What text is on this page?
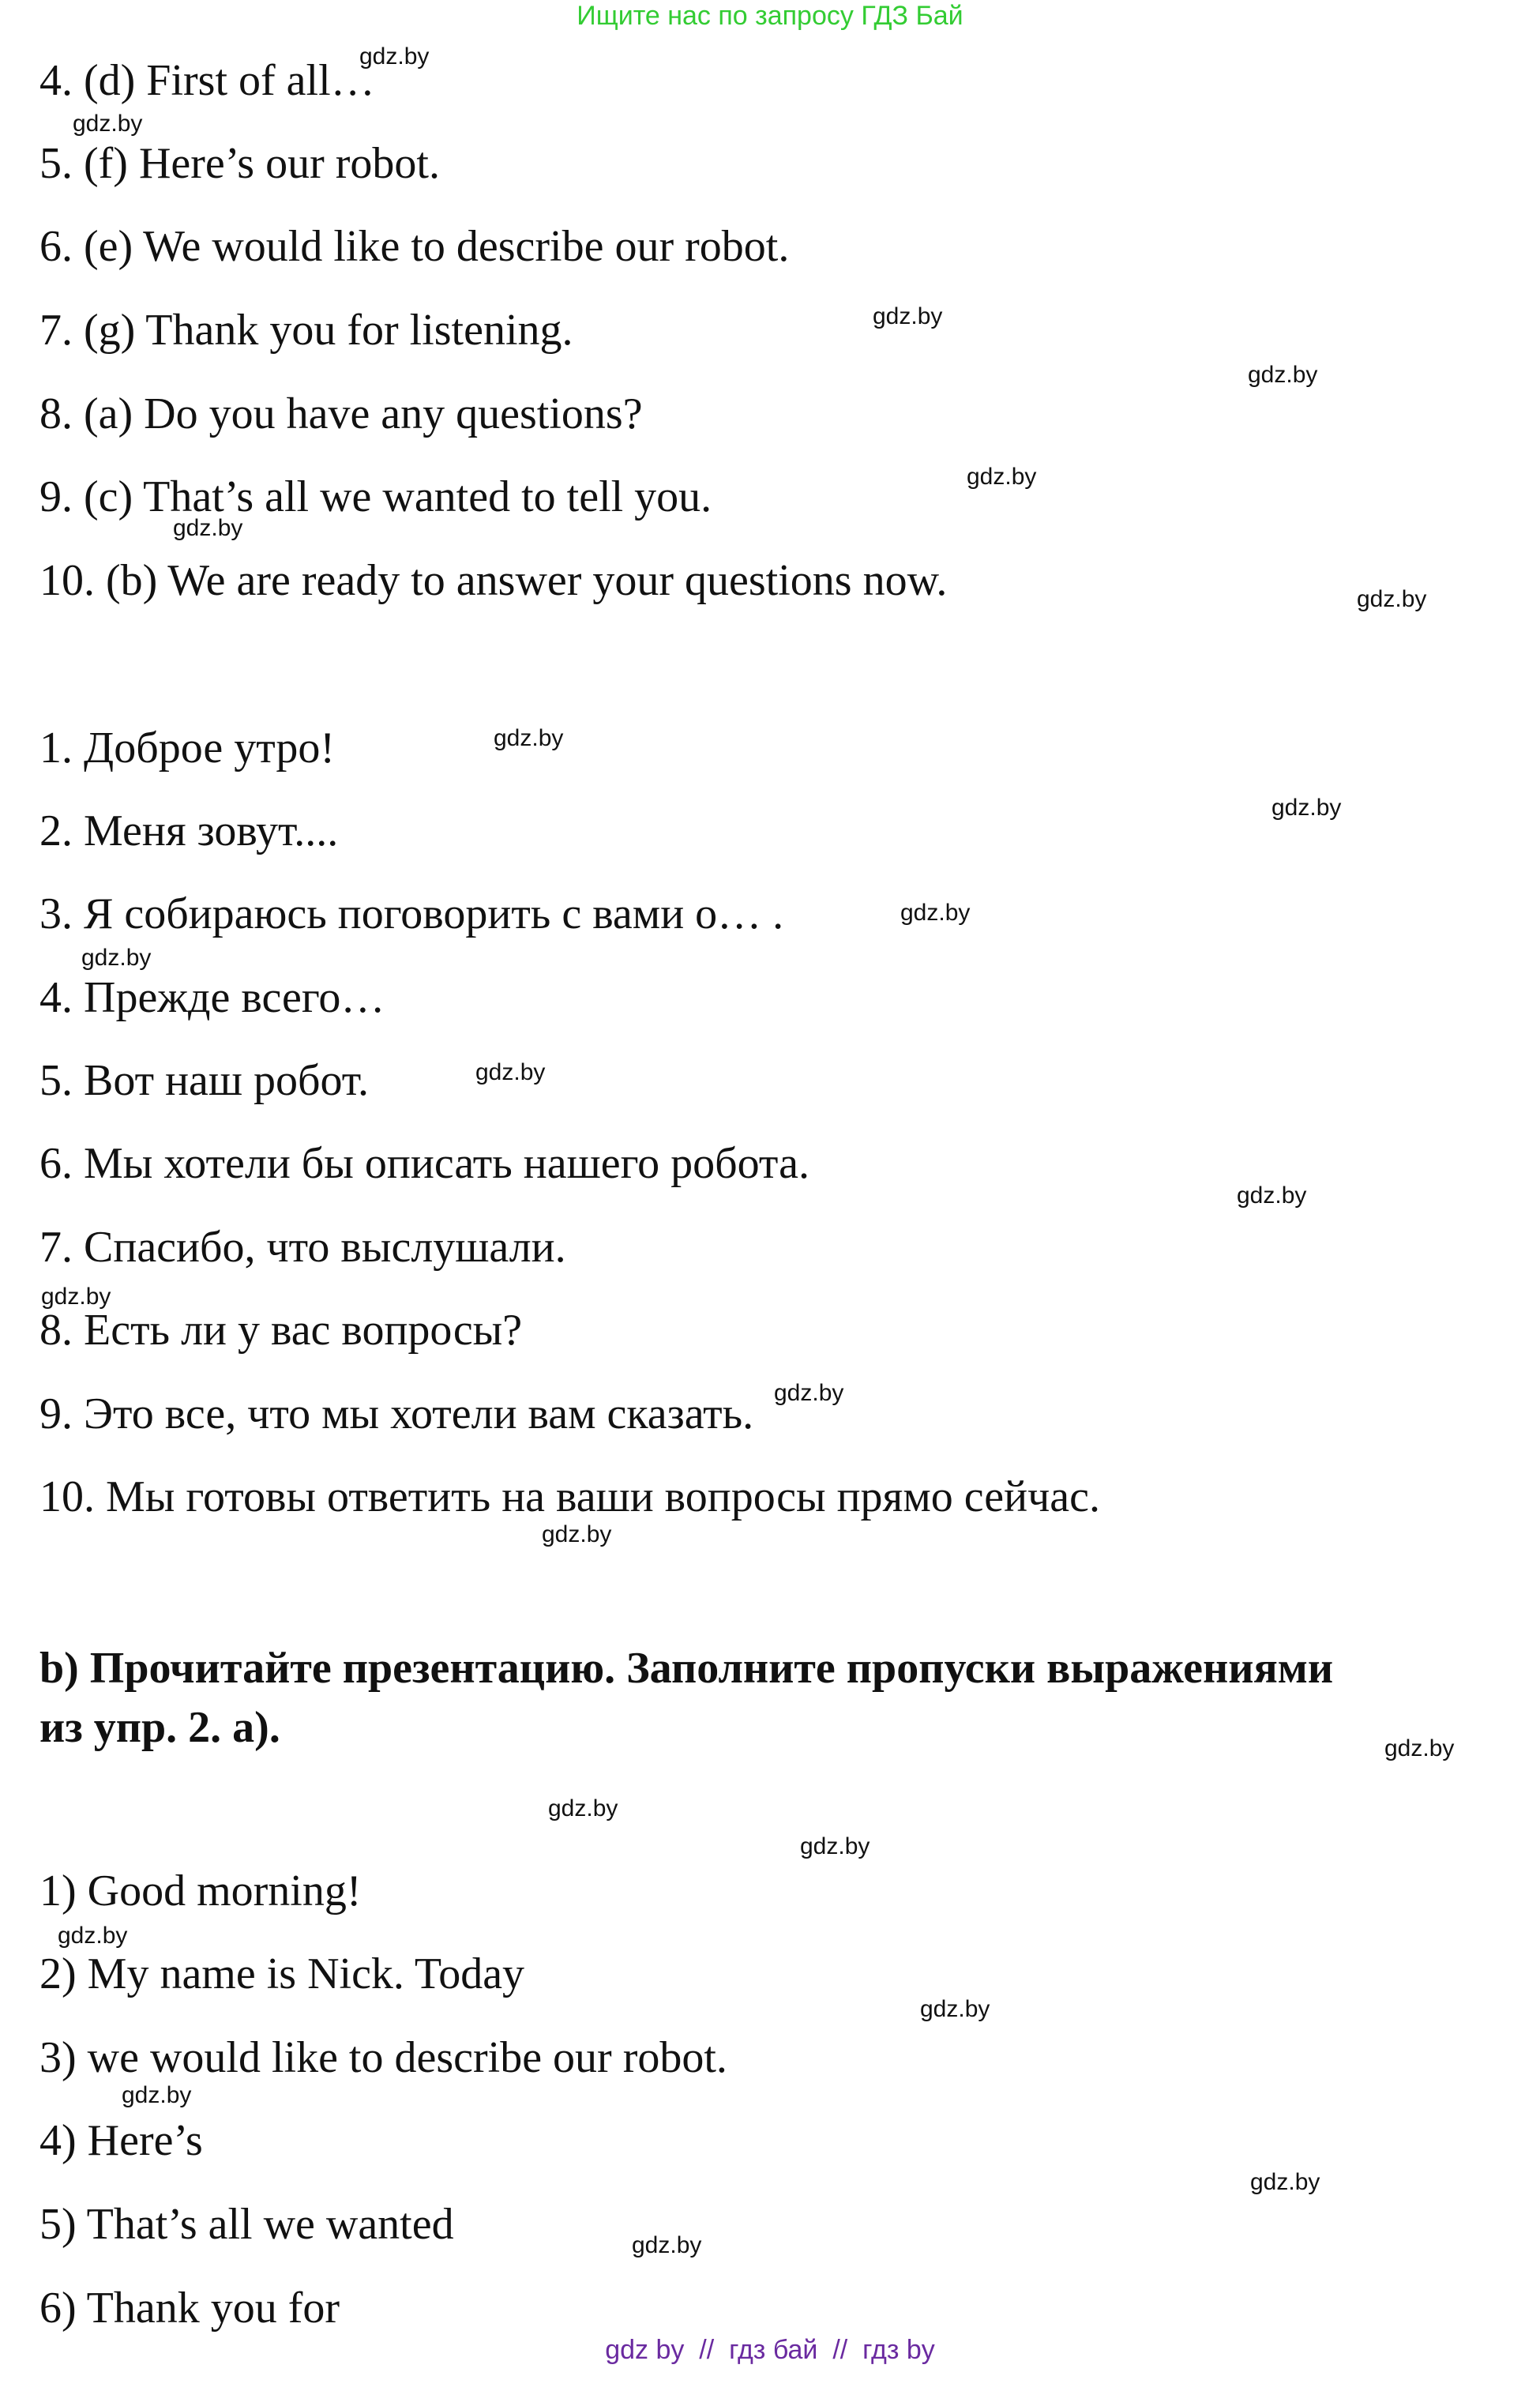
Ищите нас по запросу ГДЗ Бай
4. (d) First of all…
5. (f) Here’s our robot.
6. (e) We would like to describe our robot.
7. (g) Thank you for listening.
8. (a) Do you have any questions?
9. (c) That’s all we wanted to tell you.
10. (b) We are ready to answer your questions now.
1. Доброе утро!
2. Меня зовут....
3. Я собираюсь поговорить с вами о… .
4. Прежде всего…
5. Вот наш робот.
6. Мы хотели бы описать нашего робота.
7. Спасибо, что выслушали.
8. Есть ли у вас вопросы?
9. Это все, что мы хотели вам сказать.
10. Мы готовы ответить на ваши вопросы прямо сейчас.
b) Прочитайте презентацию. Заполните пропуски выражениями
из упр. 2. а).
1) Good morning!
2) My name is Nick. Today
3) we would like to describe our robot.
4) Here’s
5) That’s all we wanted
6) Thank you for
gdz.by
gdz.by
gdz.by
gdz.by
gdz.by
gdz.by
gdz.by
gdz.by
gdz.by
gdz.by
gdz.by
gdz.by
gdz.by
gdz.by
gdz.by
gdz.by
gdz.by
gdz.by
gdz.by
gdz.by
gdz.by
gdz.by
gdz.by
gdz.by
gdz by  //  гдз бай  //  гдз by
